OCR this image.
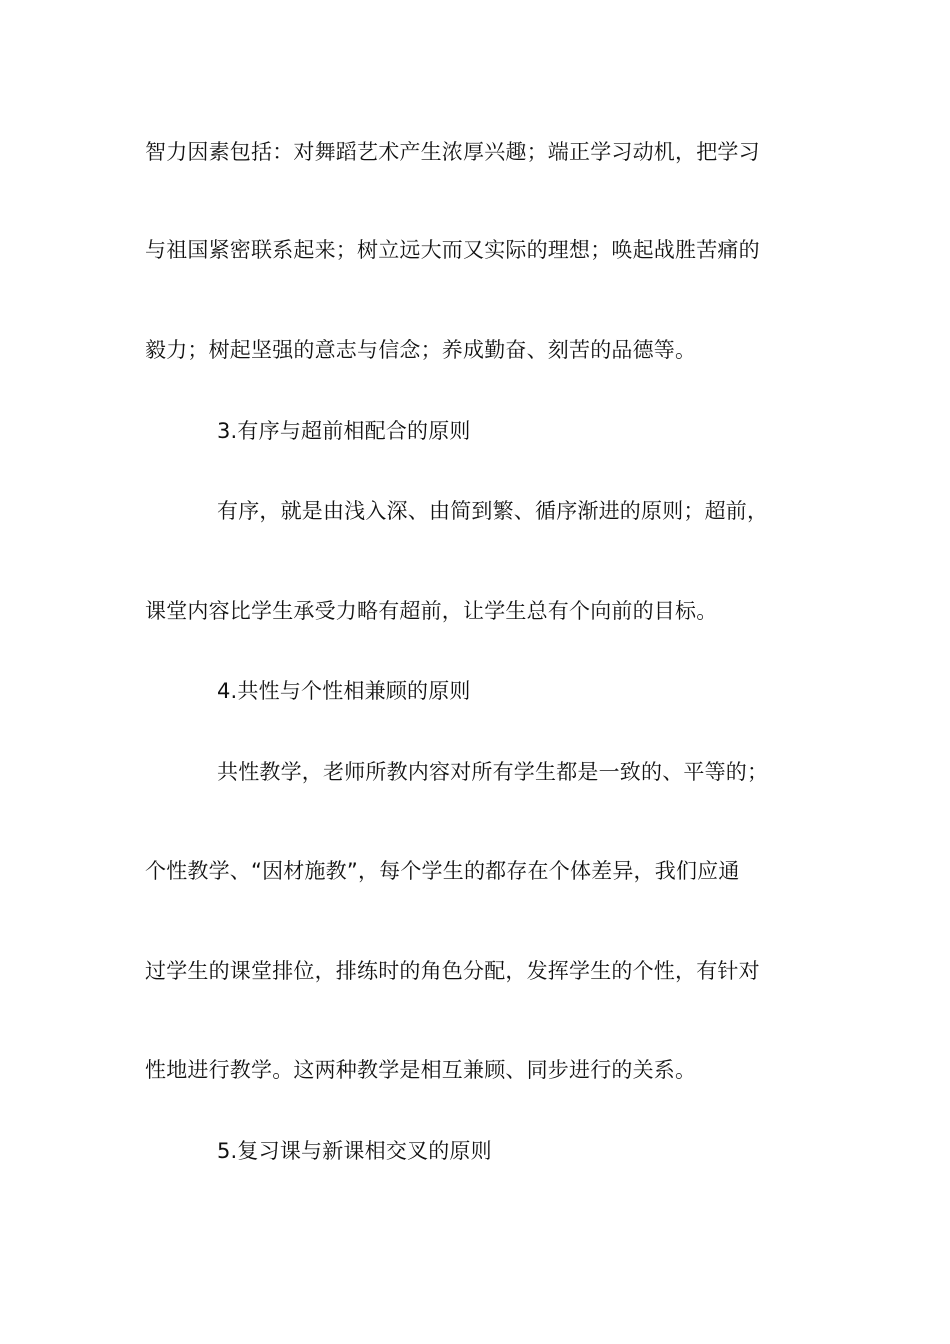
智力因素包括：对舞蹈艺术产生浓厚兴趣；端正学习动机，把学习
与祖国紧密联系起来；树立远大而又实际的理想；唤起战胜苦痛的
毅力；树起坚强的意志与信念；养成勤奋、刻苦的品德等。
3.有序与超前相配合的原则
有序，就是由浅入深、由简到繁、循序渐进的原则；超前，
课堂内容比学生承受力略有超前，让学生总有个向前的目标。
4.共性与个性相兼顾的原则
共性教学，老师所教内容对所有学生都是一致的、平等的；
个性教学、“因材施教”，每个学生的都存在个体差异，我们应通
过学生的课堂排位，排练时的角色分配，发挥学生的个性，有针对
性地进行教学。这两种教学是相互兼顾、同步进行的关系。
5.复习课与新课相交叉的原则
